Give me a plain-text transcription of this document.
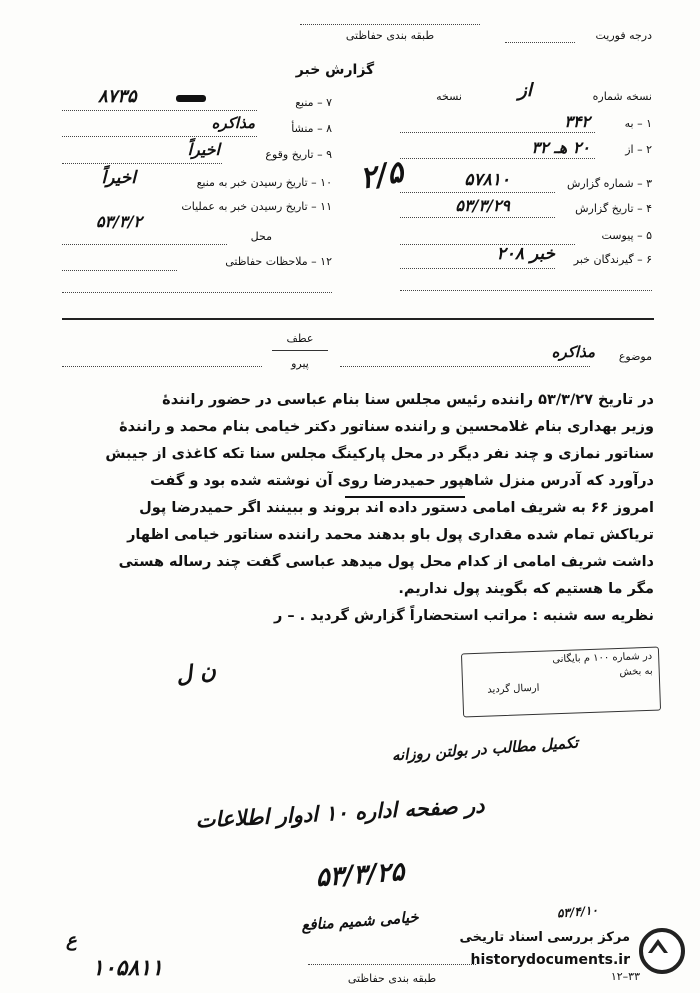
طبقه بندی حفاظتی	درجه فوریت
گزارش خبر
نسخه شماره
نسخه	از
۱ – به
۳۴۲
۲ – از
۲۰ هـ ۳۲
۳ – شماره گزارش
۵۷۸۱۰
۲/۵
۴ – تاریخ گزارش
۵۳/۳/۲۹
۵ – پیوست
۶ – گیرندگان خبر
خبر ۲۰۸
۷ – منبع
۸۷۳۵
۸ – منشأ
مذاکره
۹ – تاریخ وقوع
اخیراً
۱۰ – تاریخ رسیدن خبر به منبع
اخیراً
۱۱ – تاریخ رسیدن خبر به عملیات
۵۳/۳/۲
محل
۱۲ – ملاحظات حفاظتی
عطف
پیرو
موضوع
مذاکره
در تاریخ ۵۳/۳/۲۷ راننده رئیس مجلس سنا بنام عباسی در حضور رانندهٔ
وزیر بهداری بنام غلامحسین و راننده سناتور دکتر خیامی بنام محمد و رانندهٔ
سناتور نمازی و چند نفر دیگر در محل پارکینگ مجلس سنا تکه کاغذی از جیبش
درآورد که آدرس منزل شاهپور حمیدرضا روی آن نوشته شده بود و گفت
امروز ۶۶ به شریف امامی دستور داده اند بروند و ببینند اگر حمیدرضا پول
تریاکش تمام شده مقداری پول باو بدهند محمد راننده سناتور خیامی اظهار
داشت شریف امامی از کدام محل پول میدهد عباسی گفت چند رساله هستی
مگر ما هستیم که بگویند پول نداریم.
نظریه سه شنبه : مراتب استحضاراً گزارش گردید . – ر
ن ل	در شماره ۱۰۰ م بایگانی
به بخش
ارسال گردید
تکمیل مطالب در بولتن روزانه
در صفحه اداره ۱۰ ادوار اطلاعات
۵۳/۳/۲۵
خیامی شمیم منافع	۵۳/۴/۱۰
۱۰۵۸۱۱
ع
طبقه بندی حفاظتی	۱۲–۳۳
مرکز بررسی اسناد تاریخی
historydocuments.ir
